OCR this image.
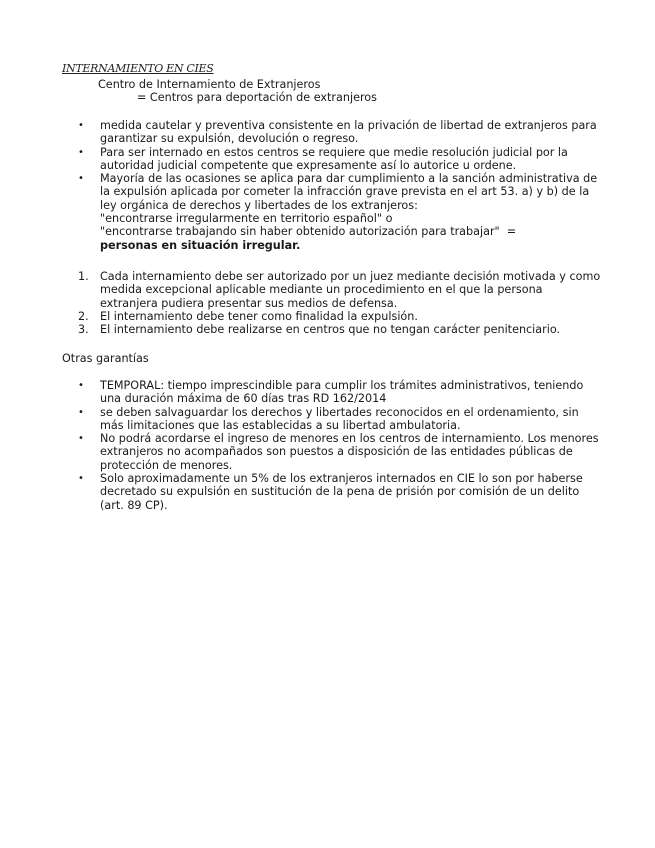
INTERNAMIENTO EN CIES
Centro de Internamiento de Extranjeros
= Centros para deportación de extranjeros
• medida cautelar y preventiva consistente en la privación de libertad de extranjeros para garantizar su expulsión, devolución o regreso.
• Para ser internado en estos centros se requiere que medie resolución judicial por la autoridad judicial competente que expresamente así lo autorice u ordene.
• Mayoría de las ocasiones se aplica para dar cumplimiento a la sanción administrativa de la expulsión aplicada por cometer la infracción grave prevista en el art 53. a) y b) de la ley orgánica de derechos y libertades de los extranjeros:
"encontrarse irregularmente en territorio español" o
"encontrarse trabajando sin haber obtenido autorización para trabajar"  =
personas en situación irregular.
1. Cada internamiento debe ser autorizado por un juez mediante decisión motivada y como medida excepcional aplicable mediante un procedimiento en el que la persona extranjera pudiera presentar sus medios de defensa.
2. El internamiento debe tener como finalidad la expulsión.
3. El internamiento debe realizarse en centros que no tengan carácter penitenciario.
Otras garantías
• TEMPORAL: tiempo imprescindible para cumplir los trámites administrativos, teniendo una duración máxima de 60 días tras RD 162/2014
• se deben salvaguardar los derechos y libertades reconocidos en el ordenamiento, sin más limitaciones que las establecidas a su libertad ambulatoria.
• No podrá acordarse el ingreso de menores en los centros de internamiento. Los menores extranjeros no acompañados son puestos a disposición de las entidades públicas de protección de menores.
• Solo aproximadamente un 5% de los extranjeros internados en CIE lo son por haberse decretado su expulsión en sustitución de la pena de prisión por comisión de un delito (art. 89 CP).
